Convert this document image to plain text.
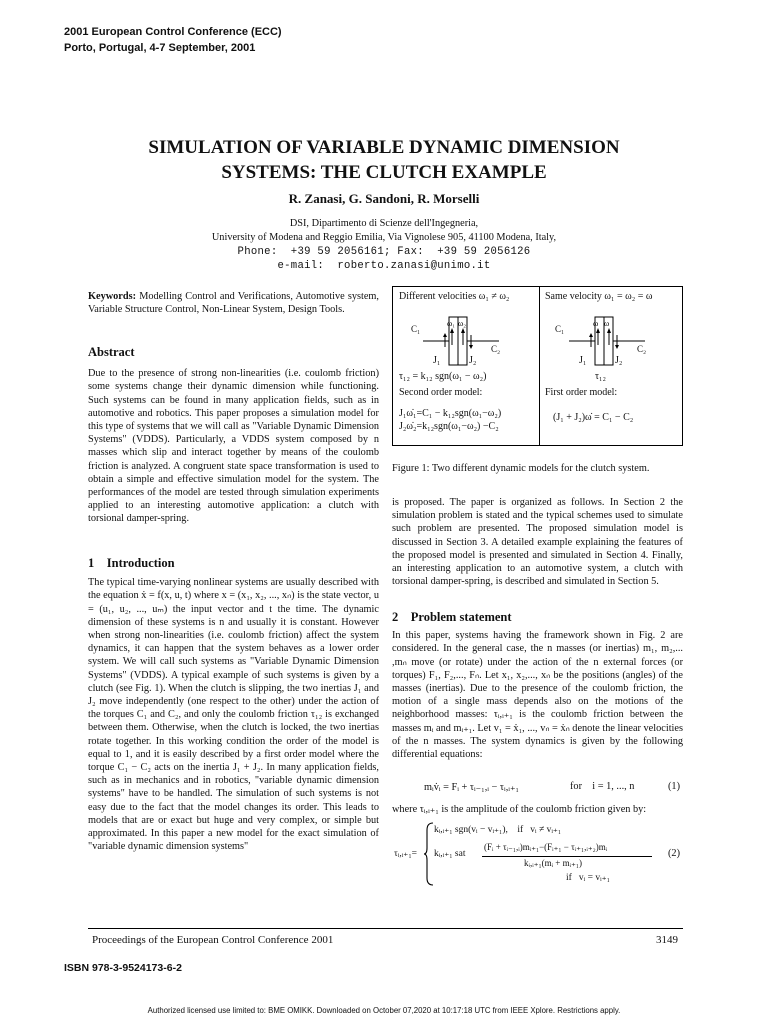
2001 European Control Conference (ECC)
Porto, Portugal, 4-7 September, 2001
SIMULATION OF VARIABLE DYNAMIC DIMENSION
SYSTEMS: THE CLUTCH EXAMPLE
R. Zanasi, G. Sandoni, R. Morselli
DSI, Dipartimento di Scienze dell'Ingegneria,
University of Modena and Reggio Emilia, Via Vignolese 905, 41100 Modena, Italy,
Phone:  +39 59 2056161; Fax:  +39 59 2056126
e-mail:  roberto.zanasi@unimo.it

Keywords: Modelling Control and Verifications, Automotive system, Variable Structure Control, Non-Linear System, Design Tools.

Abstract

Due to the presence of strong non-linearities (i.e. coulomb friction) some systems change their dynamic dimension while functioning. Such systems can be found in many application fields, such as in automotive and robotics. This paper proposes a simulation model for this type of systems that we will call as "Variable Dynamic Dimension Systems" (VDDS). Particularly, a VDDS system composed by n masses which slip and interact together by means of the coulomb friction is analyzed. A congruent state space transformation is used to obtain a simple and effective simulation model for the system. The performances of the model are tested through simulation experiments applied to an interesting automotive application: a clutch with torsional damper-spring.

1    Introduction

The typical time-varying nonlinear systems are usually described with the equation ẋ = f(x, u, t) where x = (x₁, x₂, ..., xₙ) is the state vector, u = (u₁, u₂, ..., uₘ) the input vector and t the time. The dynamic dimension of these systems is n and usually it is constant. However when strong non-linearities (i.e. coulomb friction) affect the system dynamics, it can happen that the system behaves as a lower order system. We will call such systems as "Variable Dynamic Dimension Systems" (VDDS). A typical example of such systems is given by a clutch (see Fig. 1). When the clutch is slipping, the two inertias J₁ and J₂ move independently (one respect to the other) under the action of the torques C₁ and C₂, and only the coulomb friction τ₁₂ is exchanged between them. Otherwise, when the clutch is locked, the two inertias rotate together. In this working condition the order of the model is equal to 1, and it is easily described by a first order model where the torque C₁ − C₂ acts on the inertia J₁ + J₂. In many application fields, such as in mechanics and in robotics, "variable dynamic dimension systems" have to be handled. The simulation of such systems is not easy due to the fact that the model changes its order. This leads to models that are or exact but huge and very complex, or simple but approximated. In this paper a new model for the exact simulation of "variable dynamic dimension systems"

Different velocities ω₁ ≠ ω₂	Same velocity ω₁ = ω₂ = ω
C₁
ω₁ ω₂
C₂
J₁	J₂
C₁
ω ω
C₂
J₁	J₂
τ₁₂ = k₁₂ sgn(ω₁ − ω₂)	τ₁₂
Second order model:	First order model:
J₁ω̇₁=C₁ − k₁₂sgn(ω₁−ω₂)
J₂ω̇₂=k₁₂sgn(ω₁−ω₂) −C₂
(J₁ + J₂)ω̇ = C₁ − C₂
Figure 1: Two different dynamic models for the clutch system.
is proposed. The paper is organized as follows. In Section 2 the simulation problem is stated and the typical schemes used to simulate such problem are presented. The proposed simulation model is discussed in Section 3. A detailed example explaining the features of the proposed model is presented and simulated in Section 4. Finally, an interesting application to an automotive system, a clutch with torsional damper-spring, is described and simulated in Section 5.
2    Problem statement

In this paper, systems having the framework shown in Fig. 2 are considered. In the general case, the n masses (or inertias) m₁, m₂,... ,mₙ move (or rotate) under the action of the n external forces (or torques) F₁, F₂,..., Fₙ. Let x₁, x₂,..., xₙ be the positions (angles) of the masses (inertias). Due to the presence of the coulomb friction, the motion of a single mass depends also on the motions of the neighborhood masses: τᵢ,ᵢ₊₁ is the coulomb friction between the masses mᵢ and mᵢ₊₁. Let v₁ = ẋ₁, ..., vₙ = ẋₙ denote the linear velocities of the n masses. The system dynamics is given by the following differential equations:

mᵢv̇ᵢ = Fᵢ + τᵢ₋₁,ᵢ − τᵢ,ᵢ₊₁	for    i = 1, ..., n	(1)
where τᵢ,ᵢ₊₁ is the amplitude of the coulomb friction given by:
τᵢ,ᵢ₊₁=
kᵢ,ᵢ₊₁ sgn(vᵢ − vᵢ₊₁),    if   vᵢ ≠ vᵢ₊₁
kᵢ,ᵢ₊₁ sat
(Fᵢ + τᵢ₋₁,ᵢ)mᵢ₊₁−(Fᵢ₊₁ − τᵢ₊₁,ᵢ₊₂)mᵢ
kᵢ,ᵢ₊₁(mᵢ + mᵢ₊₁)
if   vᵢ = vᵢ₊₁
(2)
Proceedings of the European Control Conference 2001	3149
ISBN 978-3-9524173-6-2
Authorized licensed use limited to: BME OMIKK. Downloaded on October 07,2020 at 10:17:18 UTC from IEEE Xplore. Restrictions apply.
